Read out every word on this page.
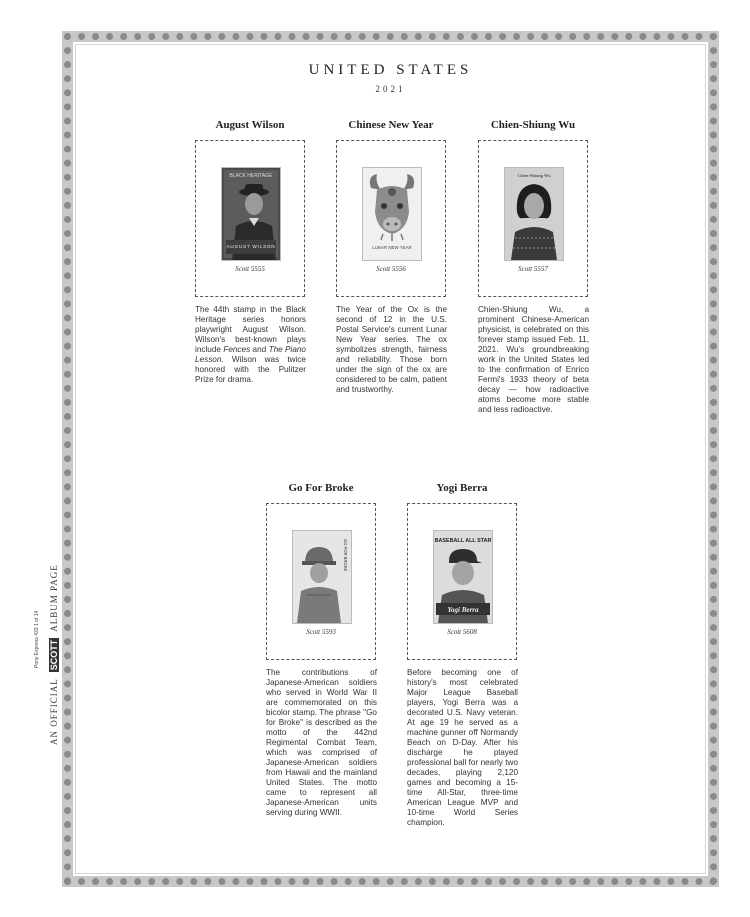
UNITED STATES
2021
August Wilson
BLACK HERITAGE
AUGUST WILSON
Scott 5555
The 44th stamp in the Black Heritage series honors playwright August Wilson. Wilson's best-known plays include Fences and The Piano Lesson. Wilson was twice honored with the Pulitzer Prize for drama.
Chinese New Year
LUNAR NEW YEAR
Scott 5556
The Year of the Ox is the second of 12 in the U.S. Postal Service's current Lunar New Year series. The ox symbolizes strength, fairness and reliability. Those born under the sign of the ox are considered to be calm, patient and trustworthy.
Chien-Shiung Wu
Chien-Shiung Wu
Scott 5557
Chien-Shiung Wu, a prominent Chinese-American physicist, is celebrated on this forever stamp issued Feb. 11, 2021. Wu's groundbreaking work in the United States led to the confirmation of Enrico Fermi's 1933 theory of beta decay — how radioactive atoms become more stable and less radioactive.
Go For Broke
GO FOR BROKE
Scott 5593
The contributions of Japanese-American soldiers who served in World War II are commemorated on this bicolor stamp. The phrase "Go for Broke" is described as the motto of the 442nd Regimental Combat Team, which was comprised of Japanese-American soldiers from Hawaii and the mainland United States. The motto came to represent all Japanese-American units serving during WWII.
Yogi Berra
BASEBALL ALL STAR
Yogi Berra
Scott 5608
Before becoming one of history's most celebrated Major League Baseball players, Yogi Berra was a decorated U.S. Navy veteran. At age 19 he served as a machine gunner off Normandy Beach on D-Day. After his discharge he played professional ball for nearly two decades, playing 2,120 games and becoming a 15-time All-Star, three-time American League MVP and 10-time World Series champion.
AN OFFICIAL
SCOTT
ALBUM PAGE
Pony Express 433 1 of 14
